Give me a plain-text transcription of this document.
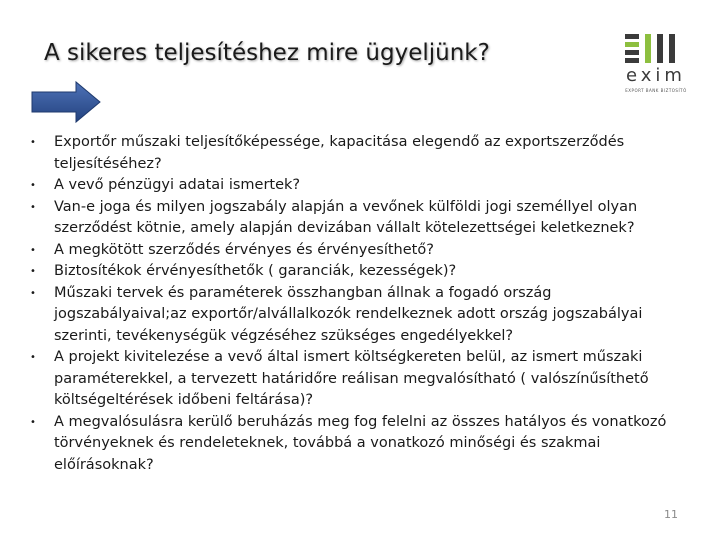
A sikeres teljesítéshez mire ügyeljünk?
exim
EXPORT BANK BIZTOSÍTÓ
• Exportőr műszaki teljesítőképessége, kapacitása elegendő az exportszerződés teljesítéséhez?
• A vevő pénzügyi adatai ismertek?
• Van-e joga és milyen jogszabály alapján a vevőnek külföldi jogi személlyel olyan szerződést kötnie, amely alapján devizában vállalt kötelezettségei keletkeznek?
• A megkötött szerződés érvényes és érvényesíthető?
• Biztosítékok érvényesíthetők ( garanciák, kezességek)?
• Műszaki tervek és paraméterek összhangban állnak a fogadó ország jogszabályaival;az exportőr/alvállalkozók rendelkeznek adott ország jogszabályai szerinti, tevékenységük végzéséhez szükséges engedélyekkel?
• A projekt kivitelezése a vevő által ismert költségkereten belül, az ismert műszaki paraméterekkel, a tervezett határidőre reálisan megvalósítható ( valószínűsíthető költségeltérések időbeni feltárása)?
• A megvalósulásra kerülő beruházás meg fog felelni az összes hatályos és vonatkozó törvényeknek és rendeleteknek, továbbá a vonatkozó minőségi és szakmai előírásoknak?
11
